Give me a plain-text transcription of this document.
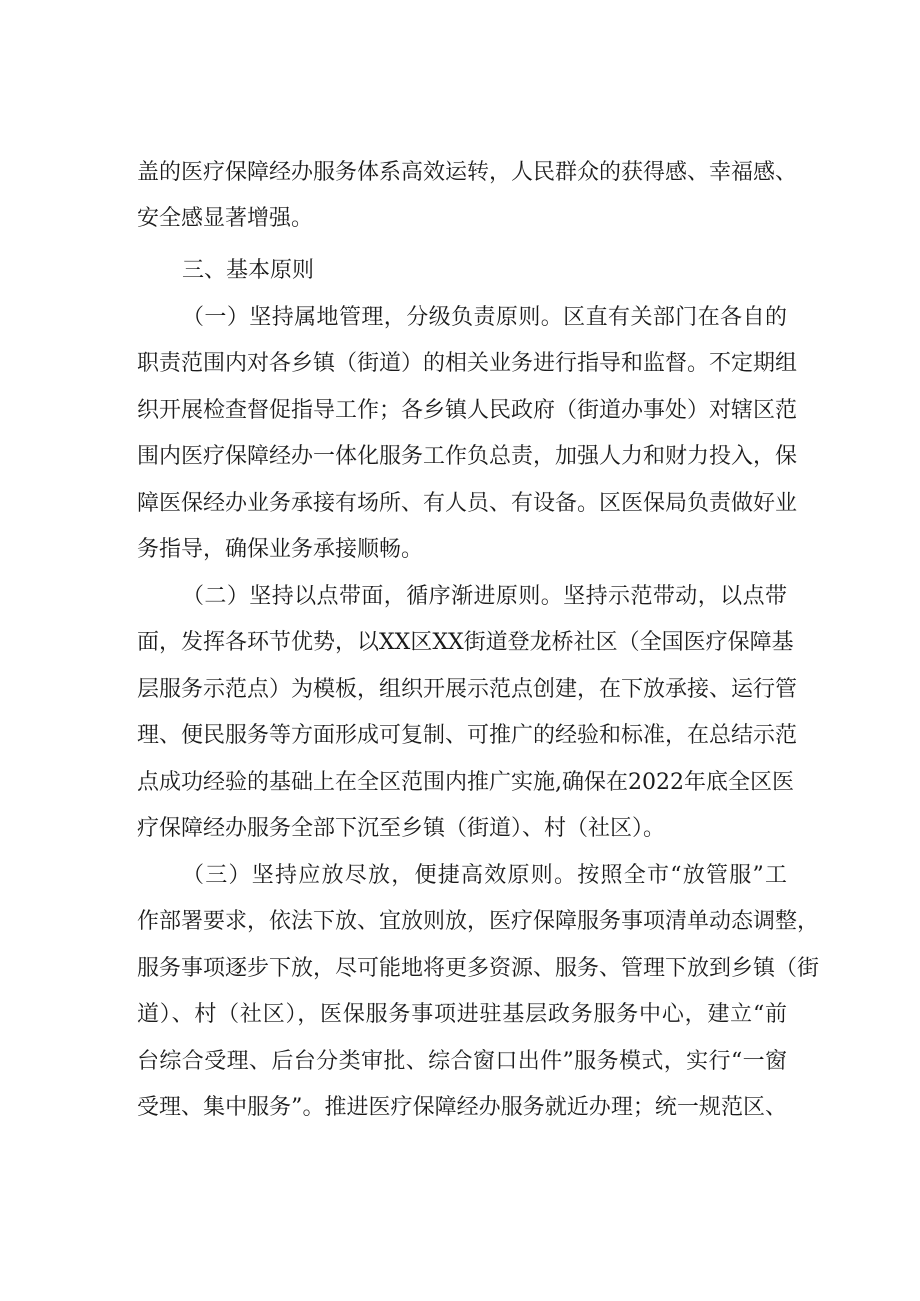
盖的医疗保障经办服务体系高效运转，人民群众的获得感、幸福感、
安全感显著增强。
三、基本原则
（一）坚持属地管理，分级负责原则。区直有关部门在各自的
职责范围内对各乡镇（街道）的相关业务进行指导和监督。不定期组
织开展检查督促指导工作；各乡镇人民政府（街道办事处）对辖区范
围内医疗保障经办一体化服务工作负总责，加强人力和财力投入，保
障医保经办业务承接有场所、有人员、有设备。区医保局负责做好业
务指导，确保业务承接顺畅。
（二）坚持以点带面，循序渐进原则。坚持示范带动，以点带
面，发挥各环节优势，以XX区XX街道登龙桥社区（全国医疗保障基
层服务示范点）为模板，组织开展示范点创建，在下放承接、运行管
理、便民服务等方面形成可复制、可推广的经验和标准，在总结示范
点成功经验的基础上在全区范围内推广实施,确保在2022年底全区医
疗保障经办服务全部下沉至乡镇（街道）、村（社区）。
（三）坚持应放尽放，便捷高效原则。按照全市“放管服”工
作部署要求，依法下放、宜放则放，医疗保障服务事项清单动态调整，
服务事项逐步下放，尽可能地将更多资源、服务、管理下放到乡镇（街
道）、村（社区），医保服务事项进驻基层政务服务中心，建立“前
台综合受理、后台分类审批、综合窗口出件”服务模式，实行“一窗
受理、集中服务”。推进医疗保障经办服务就近办理；统一规范区、
